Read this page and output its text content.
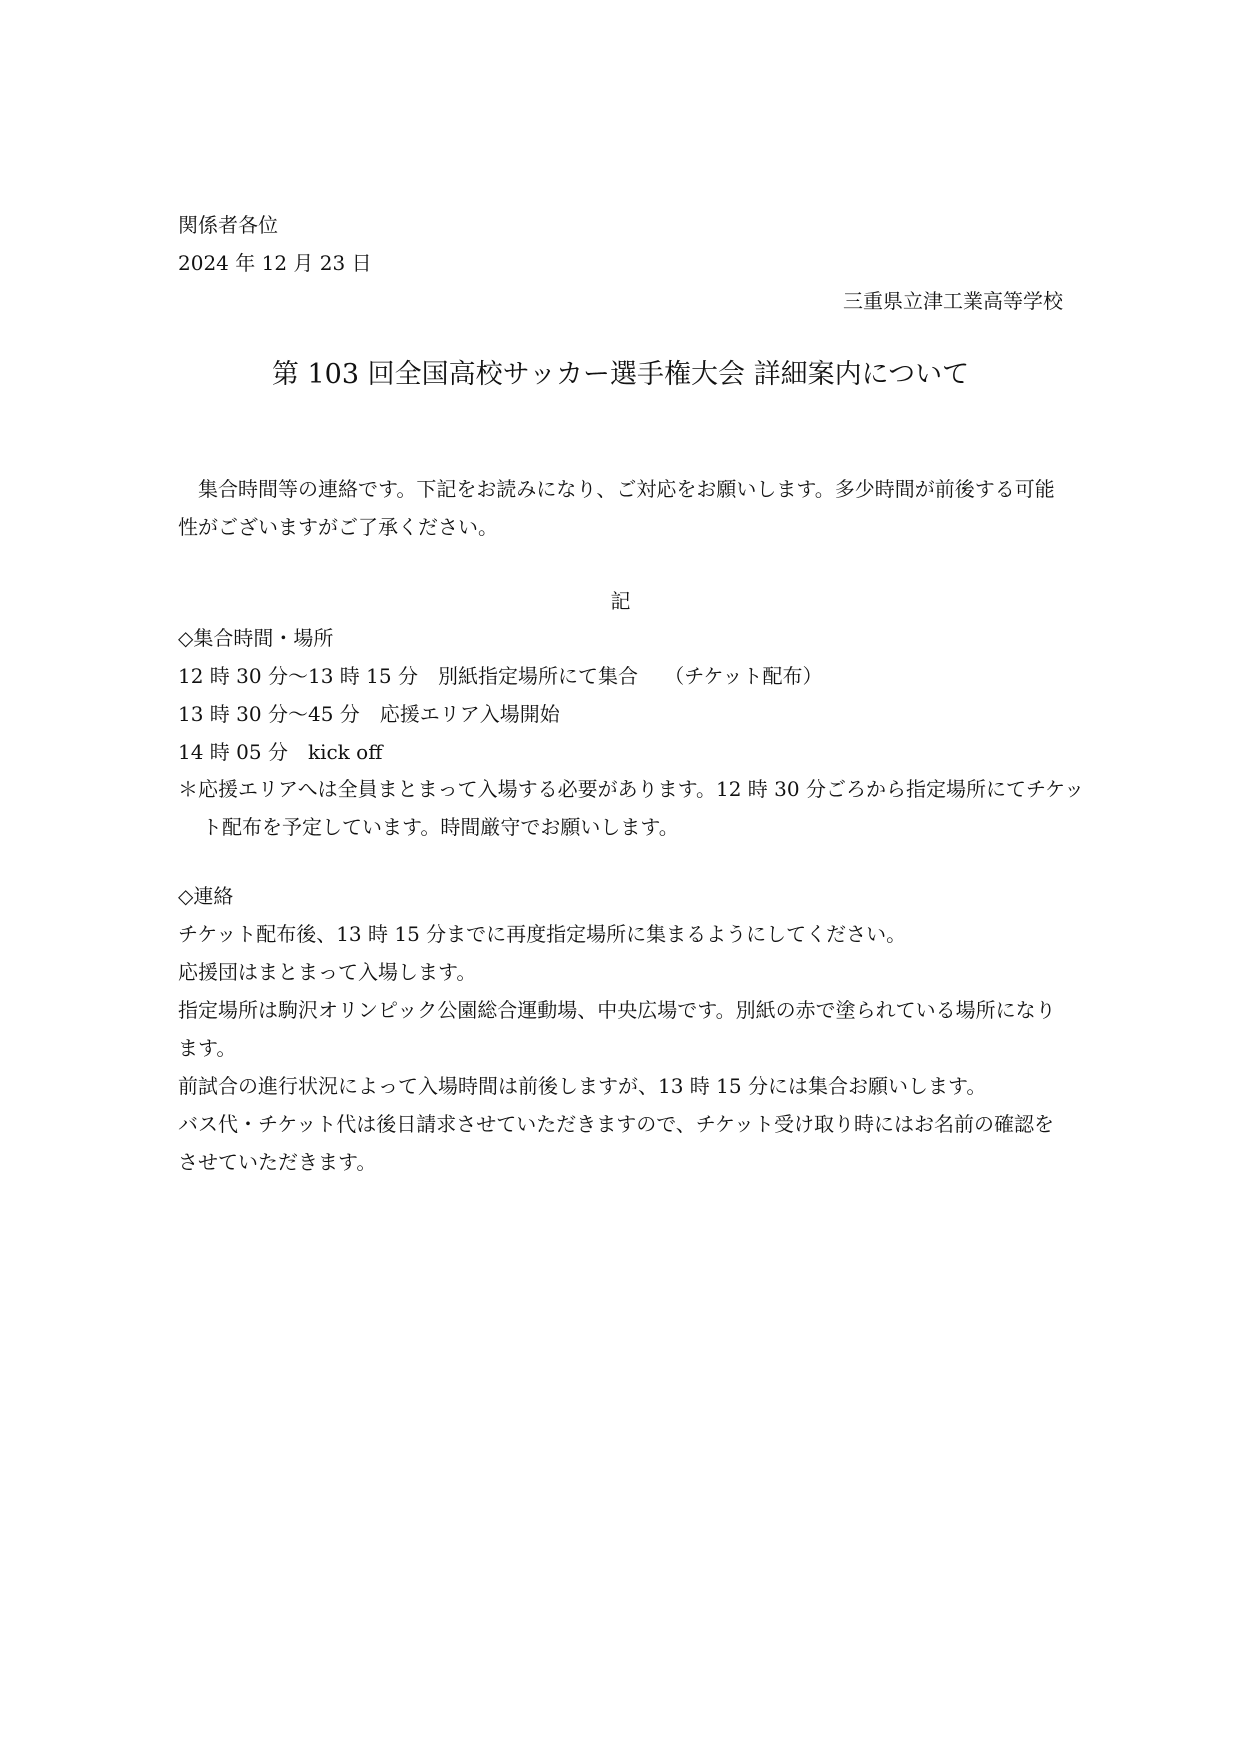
関係者各位
2024 年 12 月 23 日
三重県立津工業高等学校
第 103 回全国高校サッカー選手権大会 詳細案内について
集合時間等の連絡です。下記をお読みになり、ご対応をお願いします。多少時間が前後する可能性がございますがご了承ください。
記
◇集合時間・場所
12 時 30 分～13 時 15 分　別紙指定場所にて集合　 （チケット配布）
13 時 30 分～45 分　応援エリア入場開始
14 時 05 分　kick off
＊応援エリアへは全員まとまって入場する必要があります。12 時 30 分ごろから指定場所にてチケット配布を予定しています。時間厳守でお願いします。
◇連絡
チケット配布後、13 時 15 分までに再度指定場所に集まるようにしてください。
応援団はまとまって入場します。
指定場所は駒沢オリンピック公園総合運動場、中央広場です。別紙の赤で塗られている場所になります。
前試合の進行状況によって入場時間は前後しますが、13 時 15 分には集合お願いします。
バス代・チケット代は後日請求させていただきますので、チケット受け取り時にはお名前の確認をさせていただきます。
